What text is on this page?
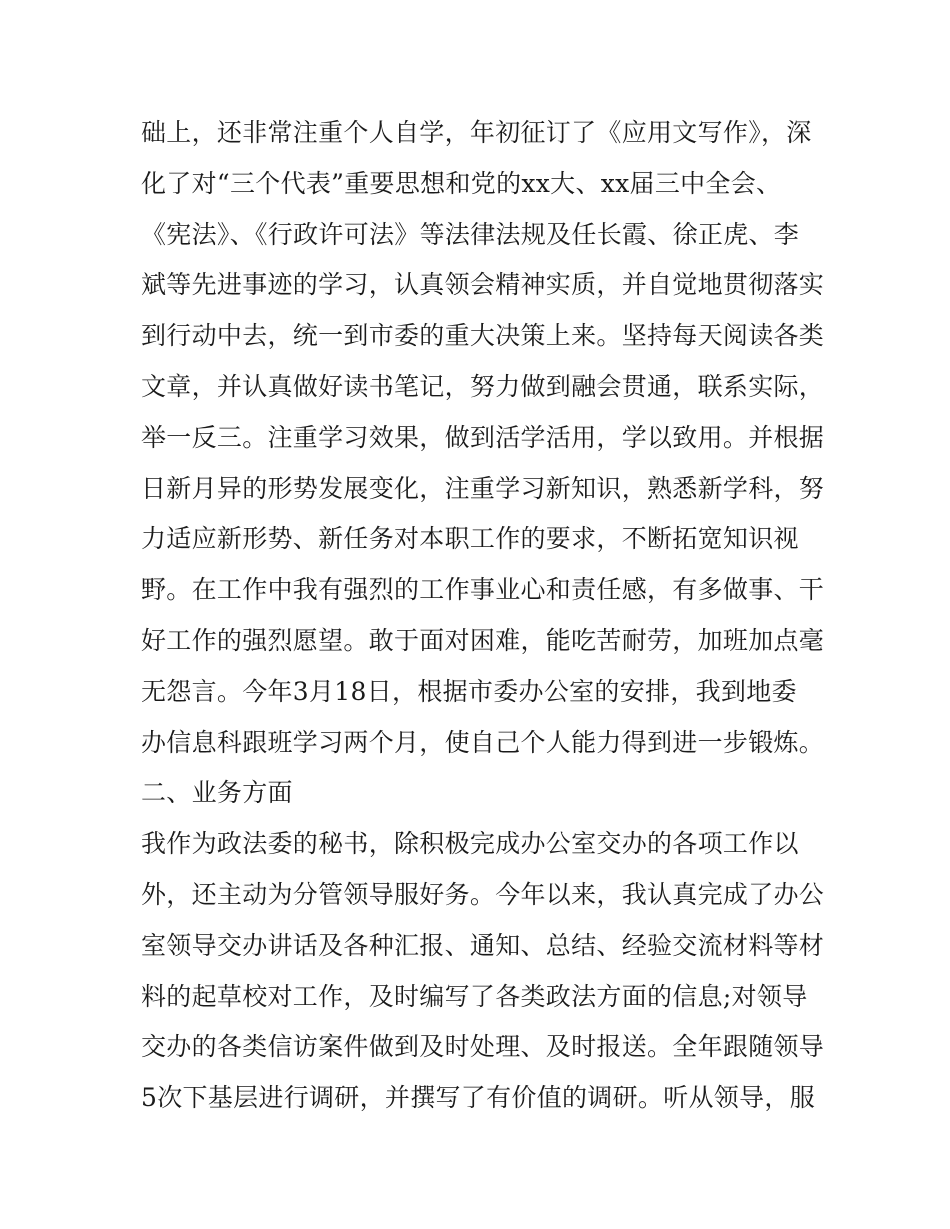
础上，还非常注重个人自学，年初征订了《应用文写作》，深
化了对“三个代表”重要思想和党的xx大、xx届三中全会、
《宪法》、《行政许可法》等法律法规及任长霞、徐正虎、李
斌等先进事迹的学习，认真领会精神实质，并自觉地贯彻落实
到行动中去，统一到市委的重大决策上来。坚持每天阅读各类
文章，并认真做好读书笔记，努力做到融会贯通，联系实际，
举一反三。注重学习效果，做到活学活用，学以致用。并根据
日新月异的形势发展变化，注重学习新知识，熟悉新学科，努
力适应新形势、新任务对本职工作的要求，不断拓宽知识视
野。在工作中我有强烈的工作事业心和责任感，有多做事、干
好工作的强烈愿望。敢于面对困难，能吃苦耐劳，加班加点毫
无怨言。今年3月18日，根据市委办公室的安排，我到地委
办信息科跟班学习两个月，使自己个人能力得到进一步锻炼。
二、业务方面
我作为政法委的秘书，除积极完成办公室交办的各项工作以
外，还主动为分管领导服好务。今年以来，我认真完成了办公
室领导交办讲话及各种汇报、通知、总结、经验交流材料等材
料的起草校对工作，及时编写了各类政法方面的信息;对领导
交办的各类信访案件做到及时处理、及时报送。全年跟随领导
5次下基层进行调研，并撰写了有价值的调研。听从领导，服
